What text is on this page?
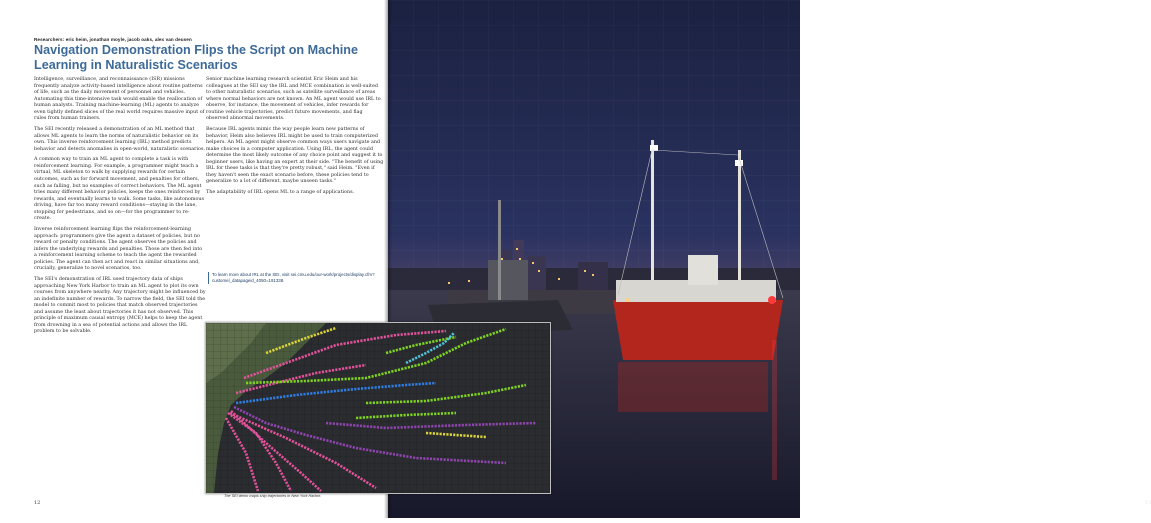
Researchers: eric heim, jonathan moyle, jacob oaks, alex van deusen
Navigation Demonstration Flips the Script on Machine Learning in Naturalistic Scenarios

Intelligence, surveillance, and reconnaissance (ISR) missions frequently analyze activity-based intelligence about routine patterns of life, such as the daily movement of personnel and vehicles. Automating this time-intensive task would enable the reallocation of human analysts. Training machine-learning (ML) agents to analyze even tightly defined slices of the real world requires massive input of rules from human trainers.

The SEI recently released a demonstration of an ML method that allows ML agents to learn the norms of naturalistic behavior on its own. This inverse reinforcement learning (IRL) method predicts behavior and detects anomalies in open-world, naturalistic scenarios.

A common way to train an ML agent to complete a task is with reinforcement learning. For example, a programmer might teach a virtual, ML skeleton to walk by supplying rewards for certain outcomes, such as for forward movement, and penalties for others, such as falling, but no examples of correct behaviors. The ML agent tries many different behavior policies, keeps the ones reinforced by rewards, and eventually learns to walk. Some tasks, like autonomous driving, have far too many reward conditions—staying in the lane, stopping for pedestrians, and so on—for the programmer to re-create.

Inverse reinforcement learning flips the reinforcement-learning approach: programmers give the agent a dataset of policies, but no reward or penalty conditions. The agent observes the policies and infers the underlying rewards and penalties. Those are then fed into a reinforcement learning scheme to teach the agent the rewarded policies. The agent can then act and react in similar situations and, crucially, generalize to novel scenarios, too.

The SEI's demonstration of IRL used trajectory data of ships approaching New York Harbor to train an ML agent to plot its own courses from anywhere nearby. Any trajectory might be influenced by an indefinite number of rewards. To narrow the field, the SEI told the model to commit most to policies that match observed trajectories and assume the least about trajectories it has not observed. This principle of maximum causal entropy (MCE) helps to keep the agent from drowning in a sea of potential actions and allows the IRL problem to be solvable.

Senior machine learning research scientist Eric Heim and his colleagues at the SEI say the IRL and MCE combination is well-suited to other naturalistic scenarios, such as satellite surveillance of areas where normal behaviors are not known. An ML agent would use IRL to observe, for instance, the movement of vehicles, infer rewards for routine vehicle trajectories, predict future movements, and flag observed abnormal movements.

Because IRL agents mimic the way people learn new patterns of behavior, Heim also believes IRL might be used to train computerized helpers. An ML agent might observe common ways users navigate and make choices in a computer application. Using IRL, the agent could determine the most likely outcome of any choice point and suggest it to beginner users, like having an expert at their side. "The benefit of using IRL for these tasks is that they're pretty robust," said Heim. "Even if they haven't seen the exact scenario before, these policies tend to generalize to a lot of different, maybe unseen tasks."

The adaptability of IRL opens ML to a range of applications.

To learn more about IRL at the SEI, visit sei.cmu.edu/our-work/projects/display.cfm?customel_datapageid_4050=191338.
12	13
The SEI demo maps ship trajectories in New York Harbor.
